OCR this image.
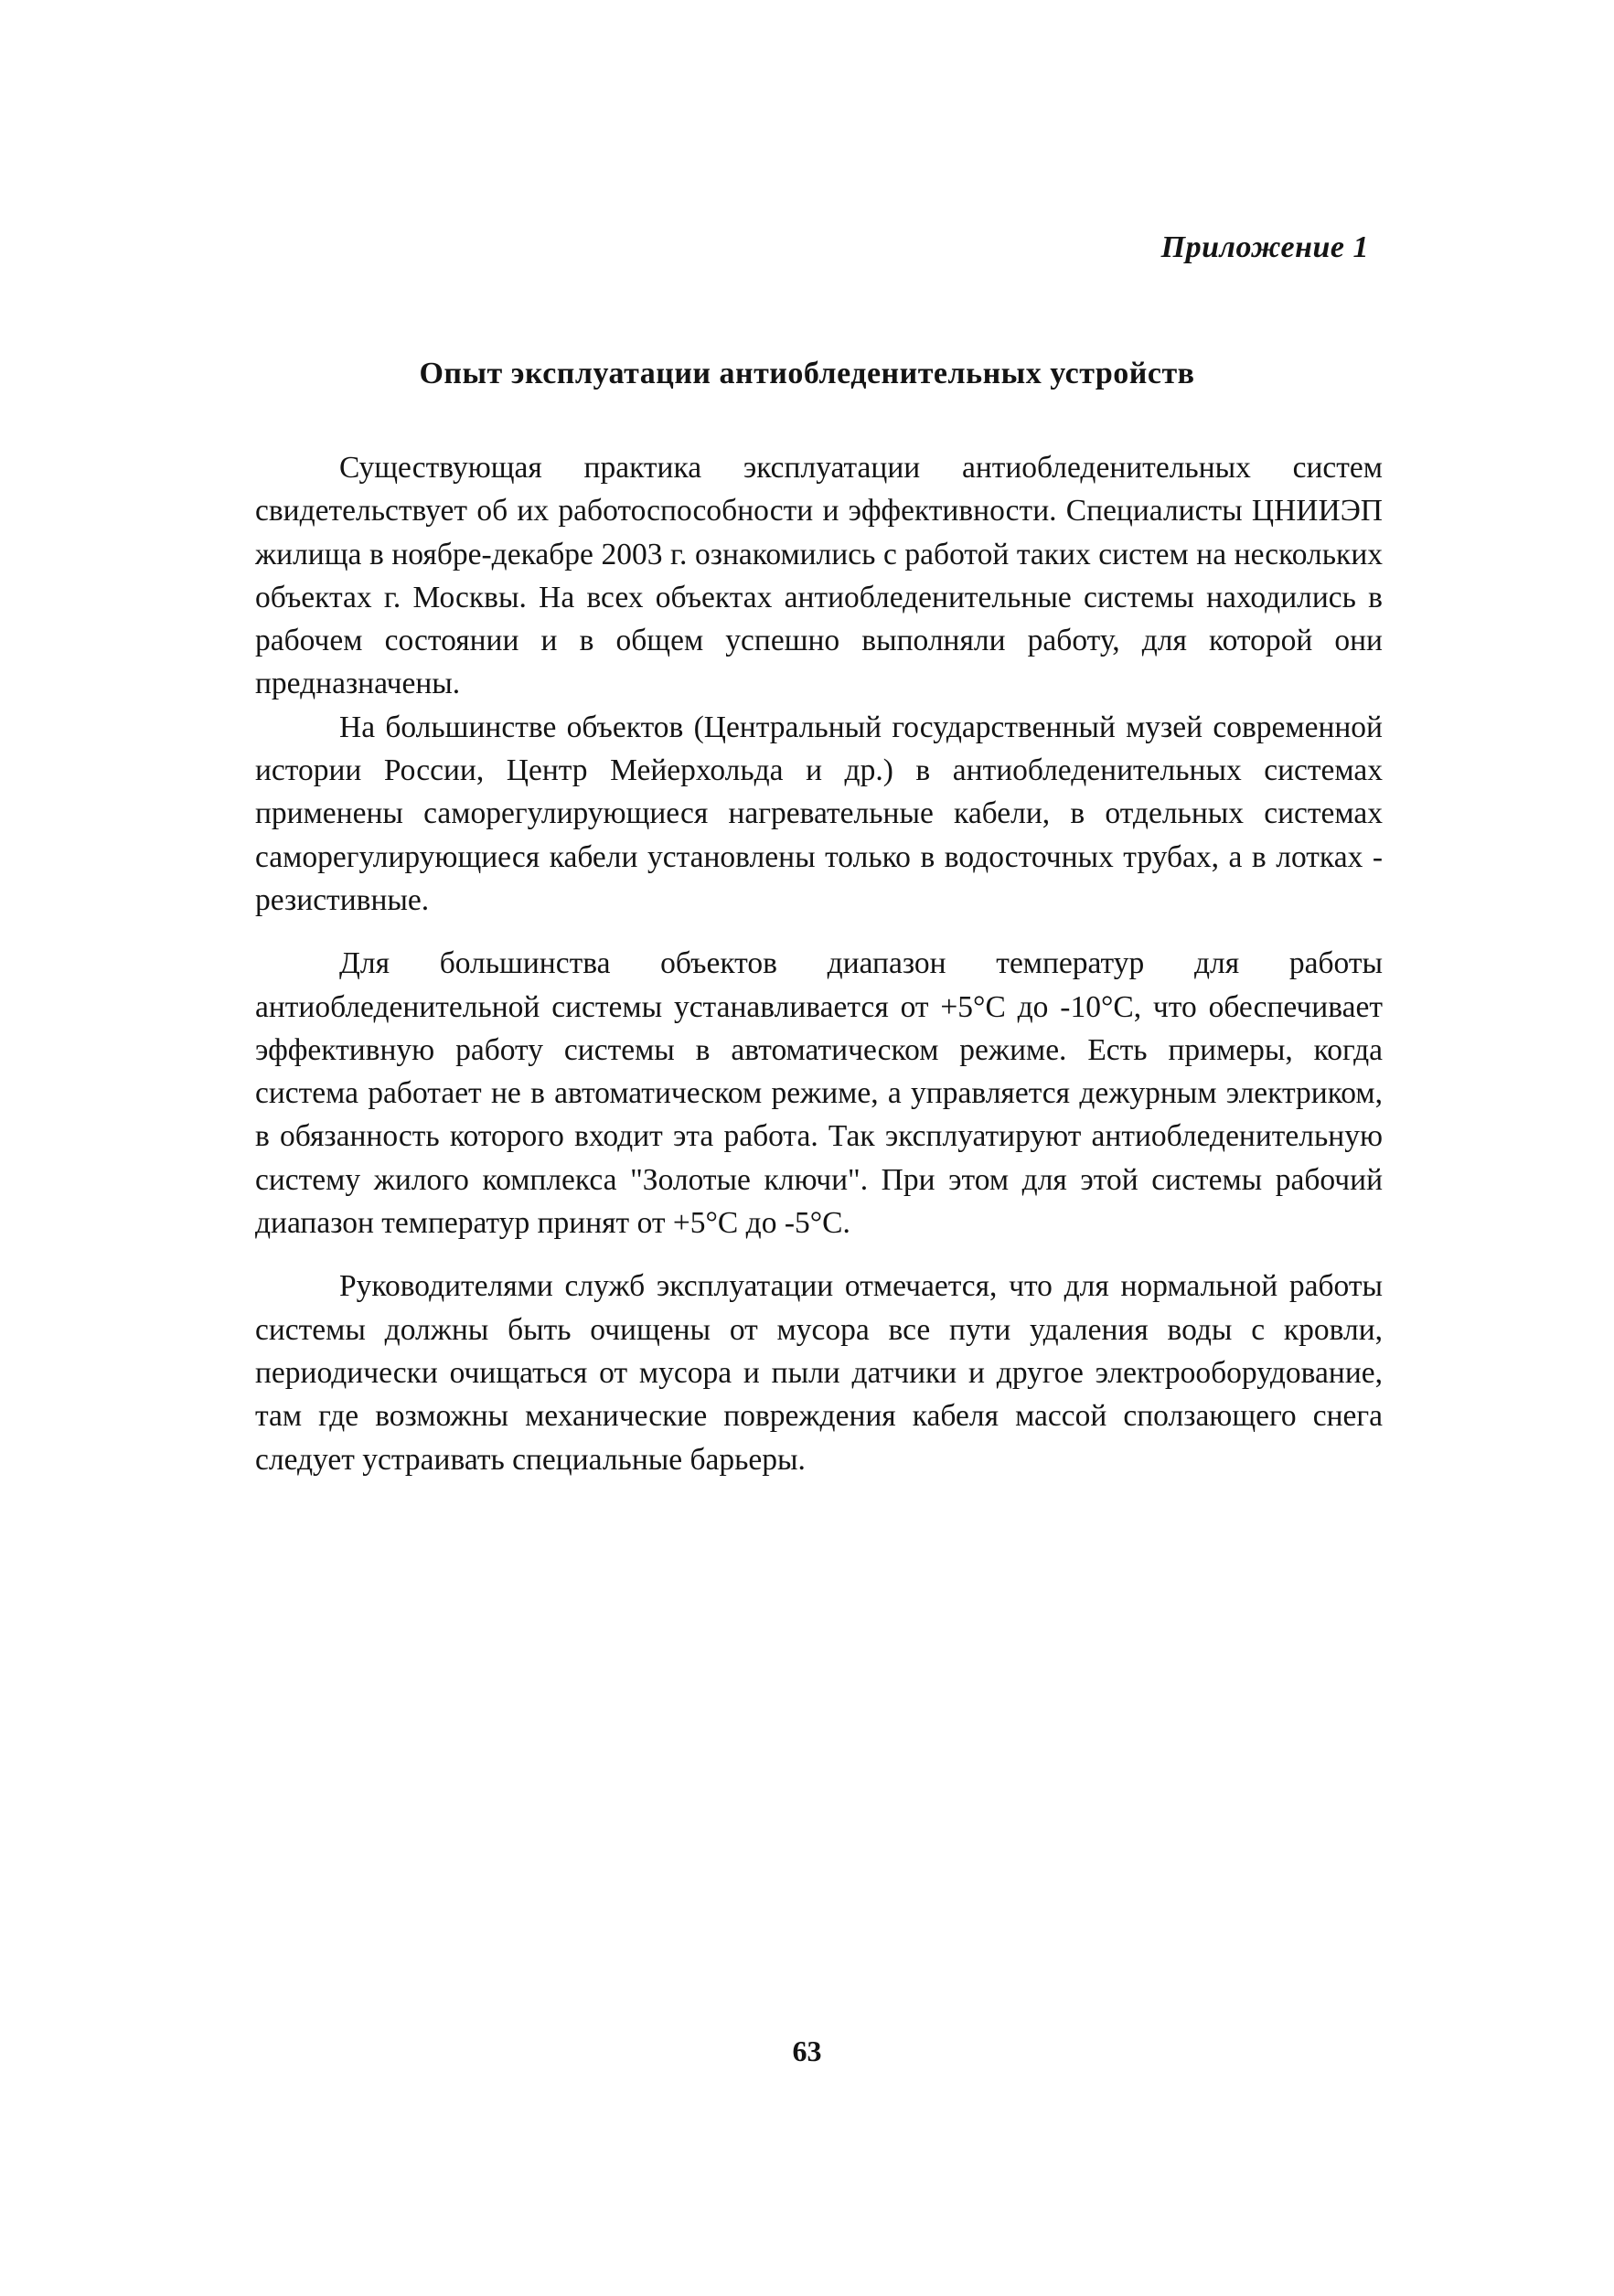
Приложение 1
Опыт эксплуатации антиобледенительных устройств

Существующая практика эксплуатации антиобледенительных систем свидетельствует об их работоспособности и эффективности. Специалисты ЦНИИЭП жилища в ноябре-декабре 2003 г. ознакомились с работой таких систем на нескольких объектах г. Москвы. На всех объектах антиобледенительные системы находились в рабочем состоянии и в общем успешно выполняли работу, для которой они предназначены.

На большинстве объектов (Центральный государственный музей современной истории России, Центр Мейерхольда и др.) в антиобледенительных системах применены саморегулирующиеся нагревательные кабели, в отдельных системах саморегулирующиеся кабели установлены только в водосточных трубах, а в лотках - резистивные.

Для большинства объектов диапазон температур для работы антиобледенительной системы устанавливается от +5°С до -10°С, что обеспечивает эффективную работу системы в автоматическом режиме. Есть примеры, когда система работает не в автоматическом режиме, а управляется дежурным электриком, в обязанность которого входит эта работа. Так эксплуатируют антиобледенительную систему жилого комплекса "Золотые ключи". При этом для этой системы рабочий диапазон температур принят от +5°С до -5°С.

Руководителями служб эксплуатации отмечается, что для нормальной работы системы должны быть очищены от мусора все пути удаления воды с кровли, периодически очищаться от мусора и пыли датчики и другое электрооборудование, там где возможны механические повреждения кабеля массой сползающего снега следует устраивать специальные барьеры.

63
